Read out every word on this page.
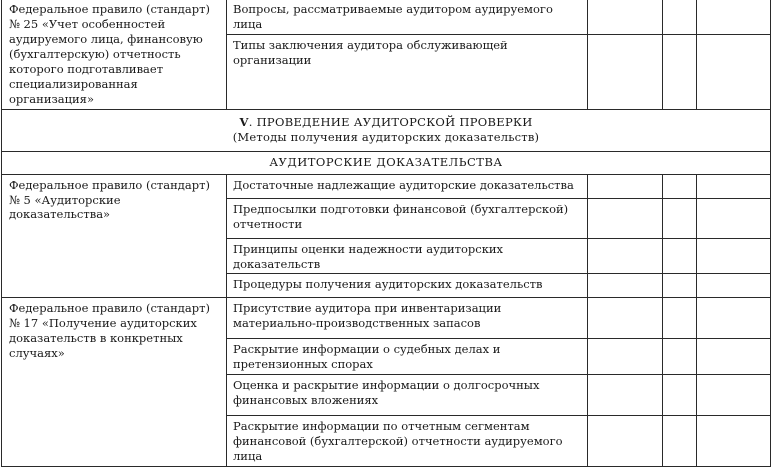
Федеральное правило (стандарт) № 25 «Учет особенностей аудируемого лица, финансовую (бухгалтерскую) отчетность которого подготавливает специализированная организация»	Вопросы, рассматриваемые аудитором аудируемого лица			
	Типы заключения аудитора обслуживающей организации			

V. ПРОВЕДЕНИЕ АУДИТОРСКОЙ ПРОВЕРКИ
(Методы получения аудиторских доказательств)				

АУДИТОРСКИЕ ДОКАЗАТЕЛЬСТВА				
Федеральное правило (стандарт) № 5 «Аудиторские доказательства»	Достаточные надлежащие аудиторские доказательства			
	Предпосылки подготовки финансовой (бухгалтерской) отчетности			
	Принципы оценки надежности аудиторских доказательств			
	Процедуры получения аудиторских доказательств			
Федеральное правило (стандарт) № 17 «Получение аудиторских доказательств в конкретных случаях»	Присутствие аудитора при инвентаризации материально-производственных запасов			
	Раскрытие информации о судебных делах и претензионных спорах			
	Оценка и раскрытие информации о долгосрочных финансовых вложениях			
	Раскрытие информации по отчетным сегментам финансовой (бухгалтерской) отчетности аудируемого лица			
